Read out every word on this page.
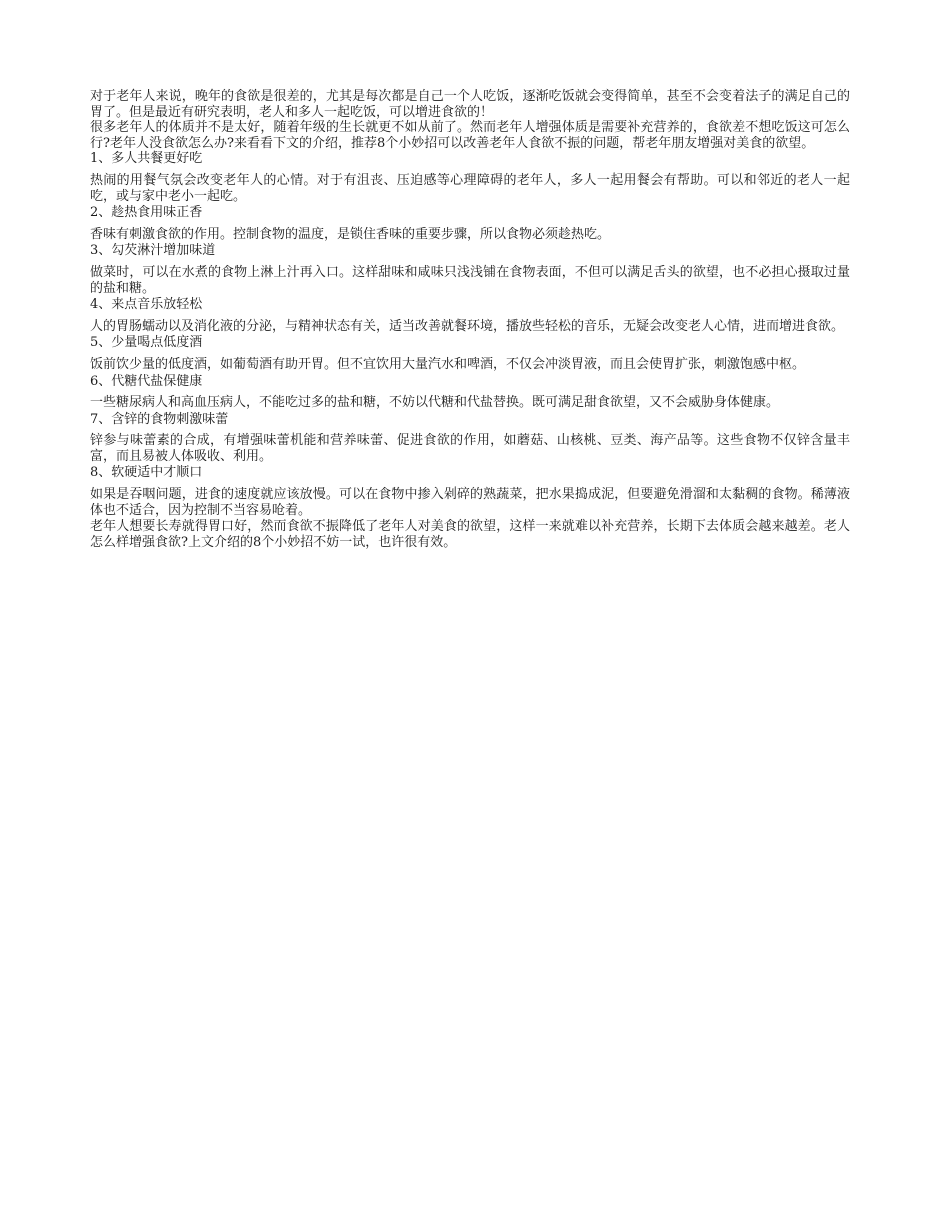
对于老年人来说，晚年的食欲是很差的，尤其是每次都是自己一个人吃饭，逐渐吃饭就会变得简单，甚至不会变着法子的满足自己的胃了。但是最近有研究表明，老人和多人一起吃饭，可以增进食欲的！

很多老年人的体质并不是太好，随着年级的生长就更不如从前了。然而老年人增强体质是需要补充营养的，食欲差不想吃饭这可怎么行?老年人没食欲怎么办?来看看下文的介绍，推荐8个小妙招可以改善老年人食欲不振的问题，帮老年朋友增强对美食的欲望。

1、多人共餐更好吃

热闹的用餐气氛会改变老年人的心情。对于有沮丧、压迫感等心理障碍的老年人，多人一起用餐会有帮助。可以和邻近的老人一起吃，或与家中老小一起吃。

2、趁热食用味正香

香味有刺激食欲的作用。控制食物的温度，是锁住香味的重要步骤，所以食物必须趁热吃。

3、勾芡淋汁增加味道

做菜时，可以在水煮的食物上淋上汁再入口。这样甜味和咸味只浅浅铺在食物表面，不但可以满足舌头的欲望，也不必担心摄取过量的盐和糖。

4、来点音乐放轻松

人的胃肠蠕动以及消化液的分泌，与精神状态有关，适当改善就餐环境，播放些轻松的音乐，无疑会改变老人心情，进而增进食欲。

5、少量喝点低度酒

饭前饮少量的低度酒，如葡萄酒有助开胃。但不宜饮用大量汽水和啤酒，不仅会冲淡胃液，而且会使胃扩张，刺激饱感中枢。

6、代糖代盐保健康

一些糖尿病人和高血压病人，不能吃过多的盐和糖，不妨以代糖和代盐替换。既可满足甜食欲望，又不会威胁身体健康。

7、含锌的食物刺激味蕾

锌参与味蕾素的合成，有增强味蕾机能和营养味蕾、促进食欲的作用，如蘑菇、山核桃、豆类、海产品等。这些食物不仅锌含量丰富，而且易被人体吸收、利用。

8、软硬适中才顺口

如果是吞咽问题，进食的速度就应该放慢。可以在食物中掺入剁碎的熟蔬菜，把水果捣成泥，但要避免滑溜和太黏稠的食物。稀薄液体也不适合，因为控制不当容易呛着。

老年人想要长寿就得胃口好，然而食欲不振降低了老年人对美食的欲望，这样一来就难以补充营养，长期下去体质会越来越差。老人怎么样增强食欲?上文介绍的8个小妙招不妨一试，也许很有效。
